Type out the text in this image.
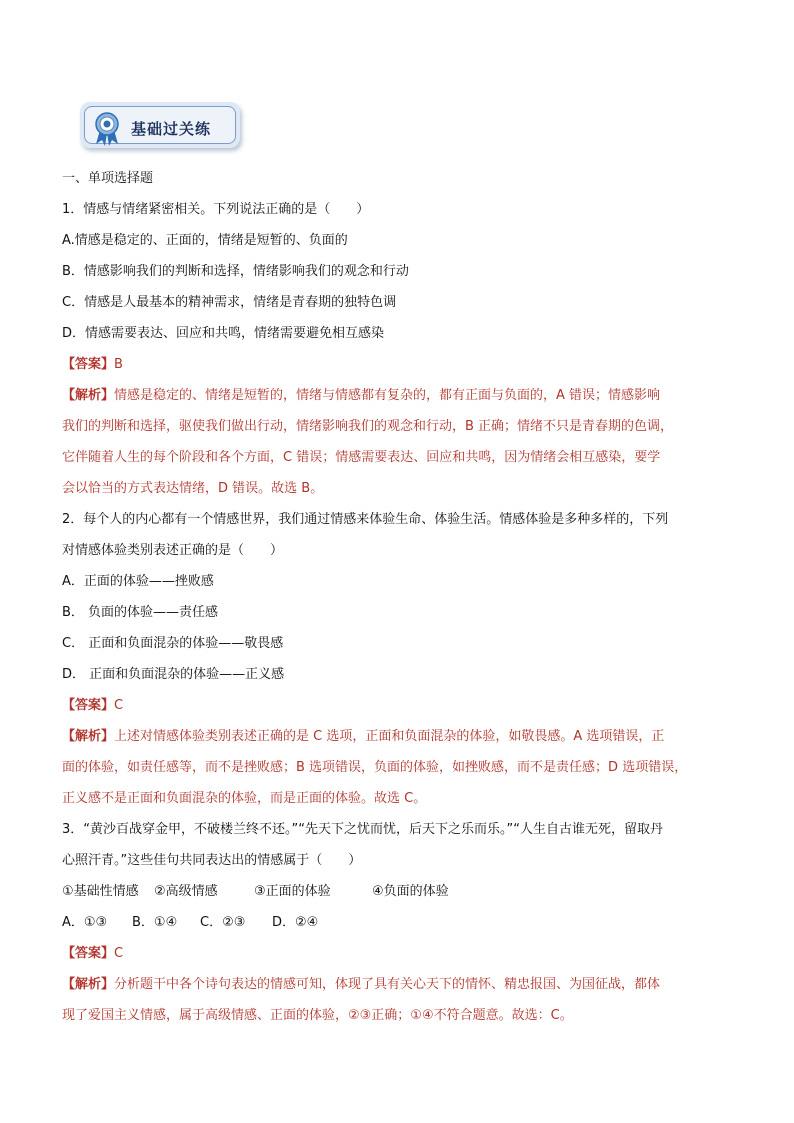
基础过关练
一、单项选择题
1．情感与情绪紧密相关。下列说法正确的是（　　）
A.情感是稳定的、正面的，情绪是短暂的、负面的
B．情感影响我们的判断和选择，情绪影响我们的观念和行动
C．情感是人最基本的精神需求，情绪是青春期的独特色调
D．情感需要表达、回应和共鸣，情绪需要避免相互感染
【答案】B
【解析】情感是稳定的、情绪是短暂的，情绪与情感都有复杂的，都有正面与负面的，A 错误；情感影响
我们的判断和选择，驱使我们做出行动，情绪影响我们的观念和行动，B 正确；情绪不只是青春期的色调，
它伴随着人生的每个阶段和各个方面，C 错误；情感需要表达、回应和共鸣，因为情绪会相互感染，要学
会以恰当的方式表达情绪，D 错误。故选 B。
2．每个人的内心都有一个情感世界，我们通过情感来体验生命、体验生活。情感体验是多种多样的，下列
对情感体验类别表述正确的是（　　）
A．正面的体验——挫败感
B． 负面的体验——责任感
C． 正面和负面混杂的体验——敬畏感
D． 正面和负面混杂的体验——正义感
【答案】C
【解析】上述对情感体验类别表述正确的是 C 选项，正面和负面混杂的体验，如敬畏感。A 选项错误，正
面的体验，如责任感等，而不是挫败感；B 选项错误，负面的体验，如挫败感，而不是责任感；D 选项错误，
正义感不是正面和负面混杂的体验，而是正面的体验。故选 C。
3．“黄沙百战穿金甲，不破楼兰终不还。”“先天下之忧而忧，后天下之乐而乐。”“人生自古谁无死，留取丹
心照汗青。”这些佳句共同表达出的情感属于（　　）
①基础性情感 ②高级情感	③正面的体验	④负面的体验
A．①③ B．①④ C．②③ D．②④
【答案】C
【解析】分析题干中各个诗句表达的情感可知，体现了具有关心天下的情怀、精忠报国、为国征战，都体
现了爱国主义情感，属于高级情感、正面的体验，②③正确；①④不符合题意。故选：C。
